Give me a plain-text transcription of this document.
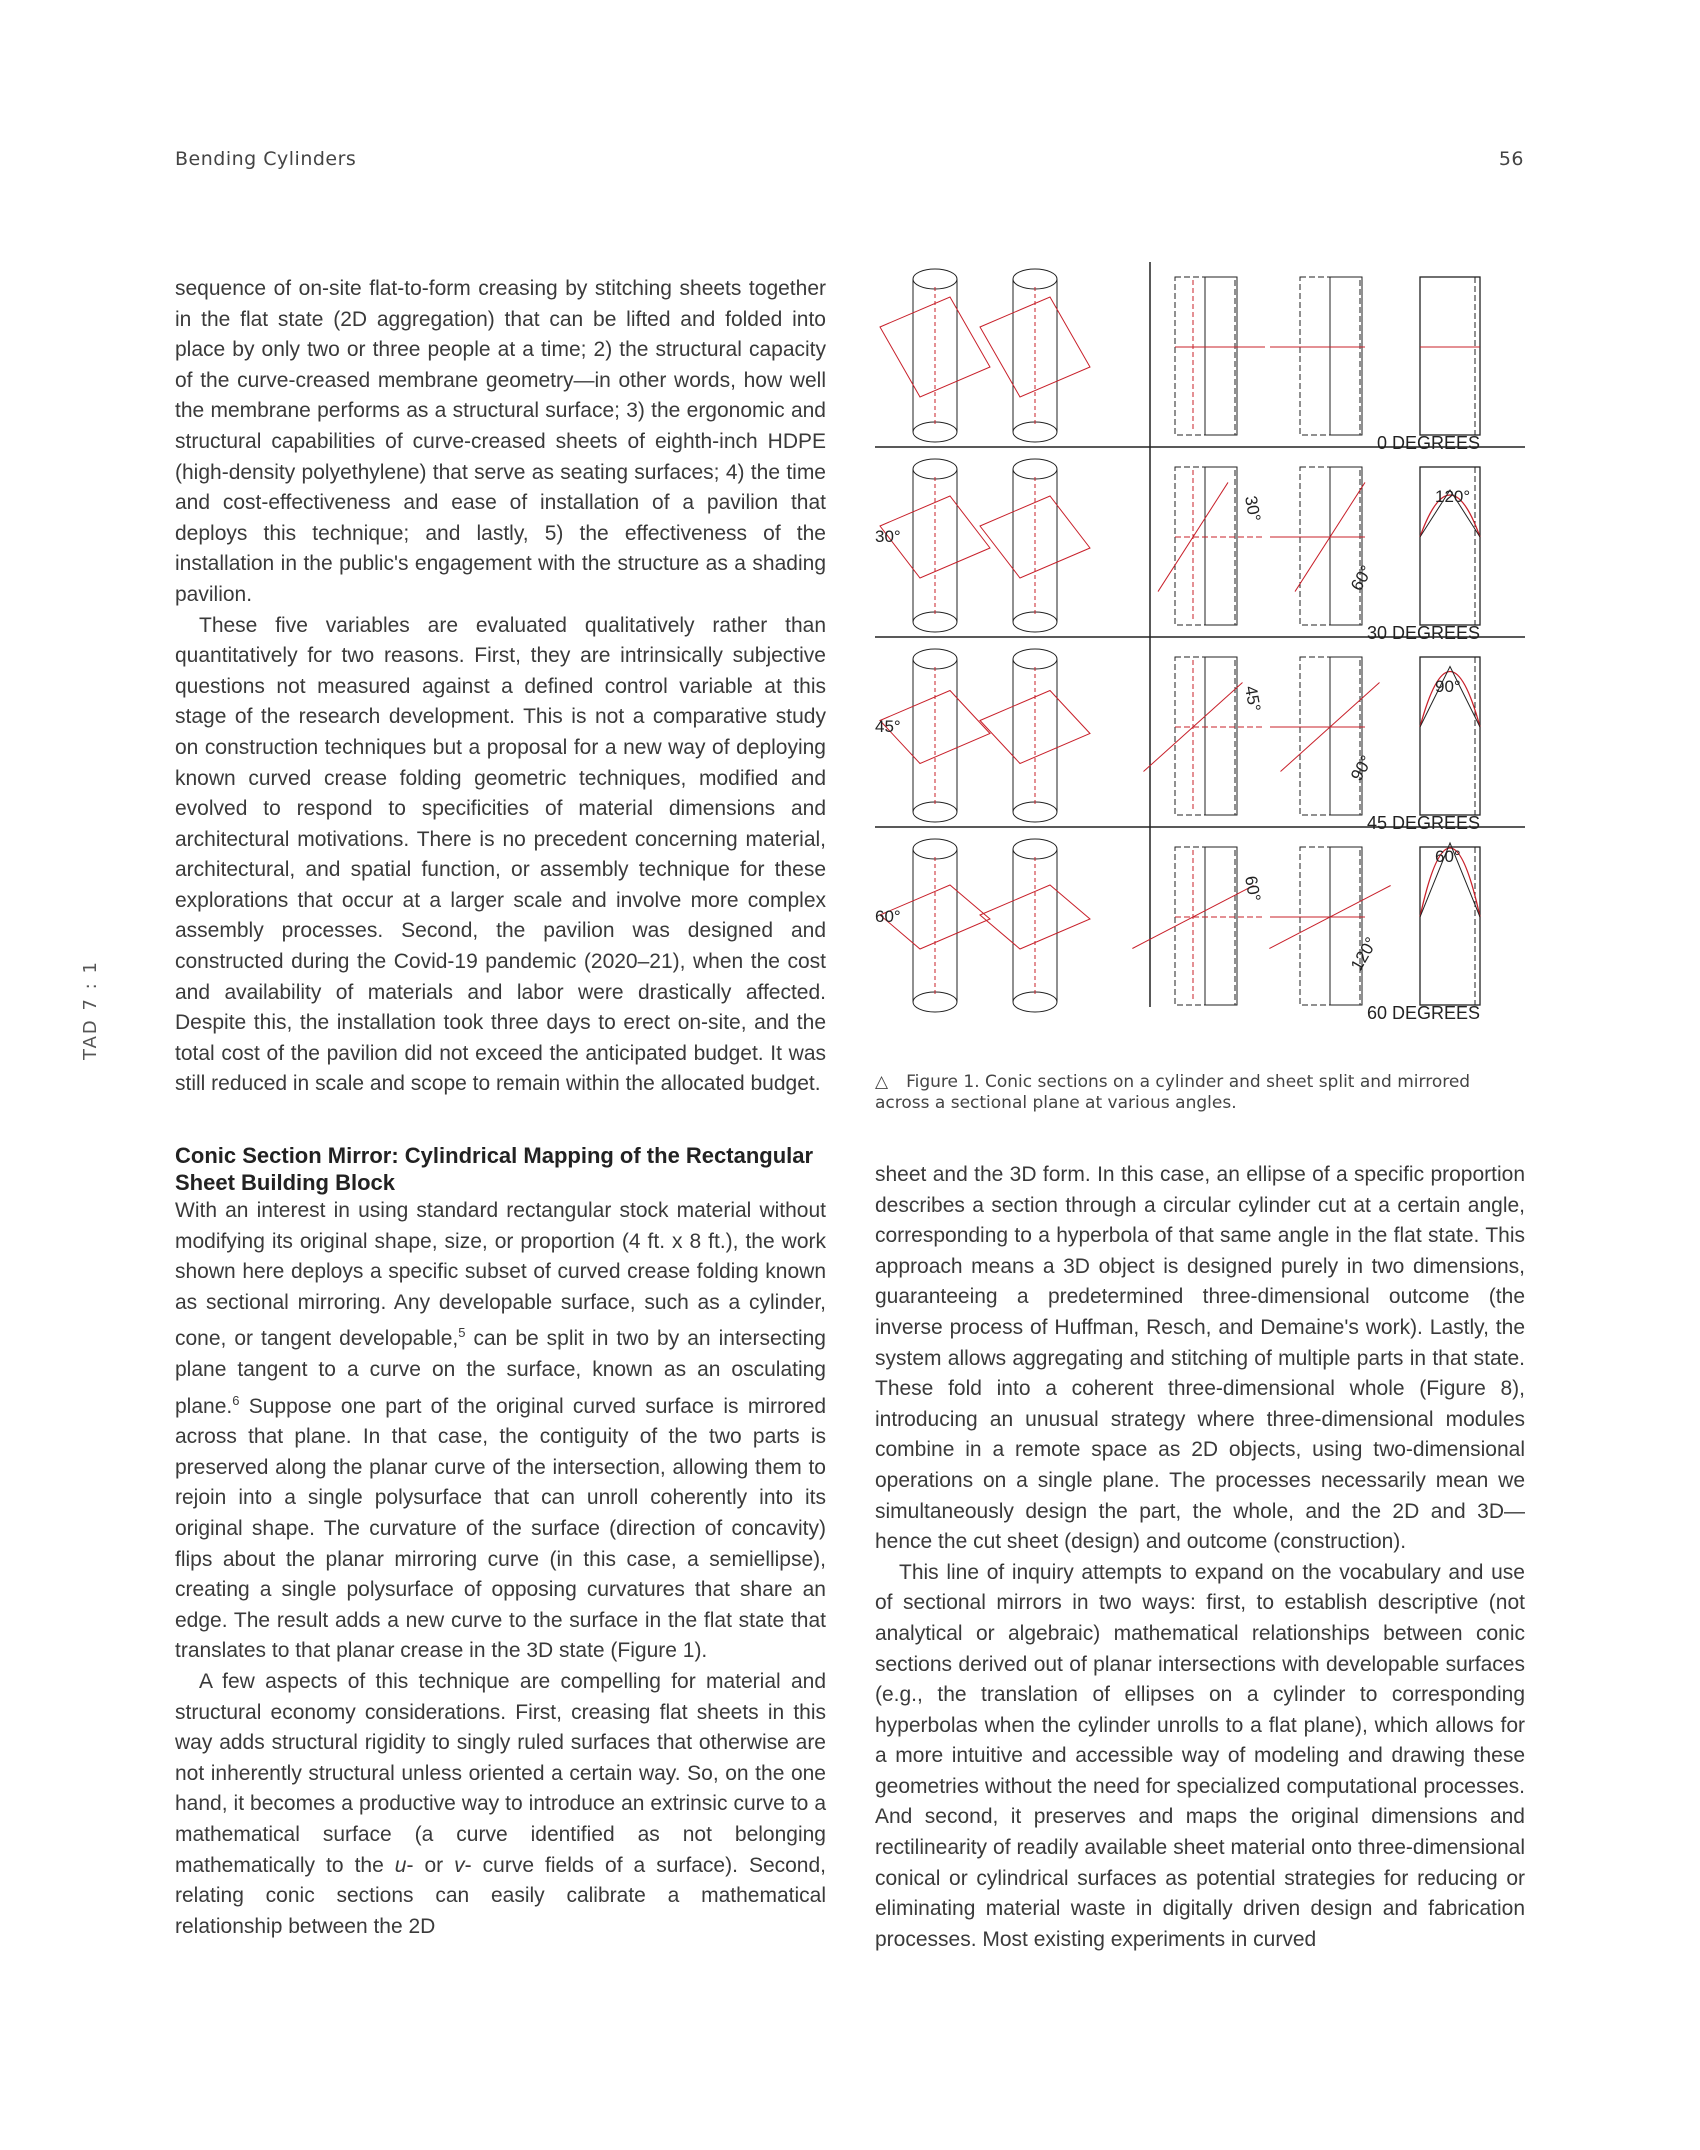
Bending Cylinders	56
TAD 7 : 1

sequence of on-site flat-to-form creasing by stitching sheets together in the flat state (2D aggregation) that can be lifted and folded into place by only two or three people at a time; 2) the structural capacity of the curve-creased membrane geometry—in other words, how well the membrane performs as a structural surface; 3) the ergonomic and structural capabilities of curve-creased sheets of eighth-inch HDPE (high-density polyethylene) that serve as seating surfaces; 4) the time and cost-effectiveness and ease of installation of a pavilion that deploys this technique; and lastly, 5) the effectiveness of the installation in the public's engagement with the structure as a shading pavilion.

These five variables are evaluated qualitatively rather than quantitatively for two reasons. First, they are intrinsically subjective questions not measured against a defined control variable at this stage of the research development. This is not a comparative study on construction techniques but a proposal for a new way of deploying known curved crease folding geometric techniques, modified and evolved to respond to specificities of material dimensions and architectural motivations. There is no precedent concerning material, architectural, and spatial function, or assembly technique for these explorations that occur at a larger scale and involve more complex assembly processes. Second, the pavilion was designed and constructed during the Covid-19 pandemic (2020–21), when the cost and availability of materials and labor were drastically affected. Despite this, the installation took three days to erect on-site, and the total cost of the pavilion did not exceed the anticipated budget. It was still reduced in scale and scope to remain within the allocated budget.

Conic Section Mirror: Cylindrical Mapping of the Rectangular Sheet Building Block

With an interest in using standard rectangular stock material without modifying its original shape, size, or proportion (4 ft. x 8 ft.), the work shown here deploys a specific subset of curved crease folding known as sectional mirroring. Any developable surface, such as a cylinder, cone, or tangent developable,$^5$ can be split in two by an intersecting plane tangent to a curve on the surface, known as an osculating plane.$^6$ Suppose one part of the original curved surface is mirrored across that plane. In that case, the contiguity of the two parts is preserved along the planar curve of the intersection, allowing them to rejoin into a single polysurface that can unroll coherently into its original shape. The curvature of the surface (direction of concavity) flips about the planar mirroring curve (in this case, a semiellipse), creating a single polysurface of opposing curvatures that share an edge. The result adds a new curve to the surface in the flat state that translates to that planar crease in the 3D state (Figure 1).

A few aspects of this technique are compelling for material and structural economy considerations. First, creasing flat sheets in this way adds structural rigidity to singly ruled surfaces that otherwise are not inherently structural unless oriented a certain way. So, on the one hand, it becomes a productive way to introduce an extrinsic curve to a mathematical surface (a curve identified as not belonging mathematically to the u- or v- curve fields of a surface). Second, relating conic sections can easily calibrate a mathematical relationship between the 2D

0 DEGREES
30°
30°
60°
120°
30 DEGREES
45°
45°
90°
90°
45 DEGREES
60°
60°
120°
60°
60 DEGREES
△ Figure 1. Conic sections on a cylinder and sheet split and mirrored across a sectional plane at various angles.

sheet and the 3D form. In this case, an ellipse of a specific proportion describes a section through a circular cylinder cut at a certain angle, corresponding to a hyperbola of that same angle in the flat state. This approach means a 3D object is designed purely in two dimensions, guaranteeing a predetermined three-dimensional outcome (the inverse process of Huffman, Resch, and Demaine's work). Lastly, the system allows aggregating and stitching of multiple parts in that state. These fold into a coherent three-dimensional whole (Figure 8), introducing an unusual strategy where three-dimensional modules combine in a remote space as 2D objects, using two-dimensional operations on a single plane. The processes necessarily mean we simultaneously design the part, the whole, and the 2D and 3D—hence the cut sheet (design) and outcome (construction).

This line of inquiry attempts to expand on the vocabulary and use of sectional mirrors in two ways: first, to establish descriptive (not analytical or algebraic) mathematical relationships between conic sections derived out of planar intersections with developable surfaces (e.g., the translation of ellipses on a cylinder to corresponding hyperbolas when the cylinder unrolls to a flat plane), which allows for a more intuitive and accessible way of modeling and drawing these geometries without the need for specialized computational processes. And second, it preserves and maps the original dimensions and rectilinearity of readily available sheet material onto three-dimensional conical or cylindrical surfaces as potential strategies for reducing or eliminating material waste in digitally driven design and fabrication processes. Most existing experiments in curved
